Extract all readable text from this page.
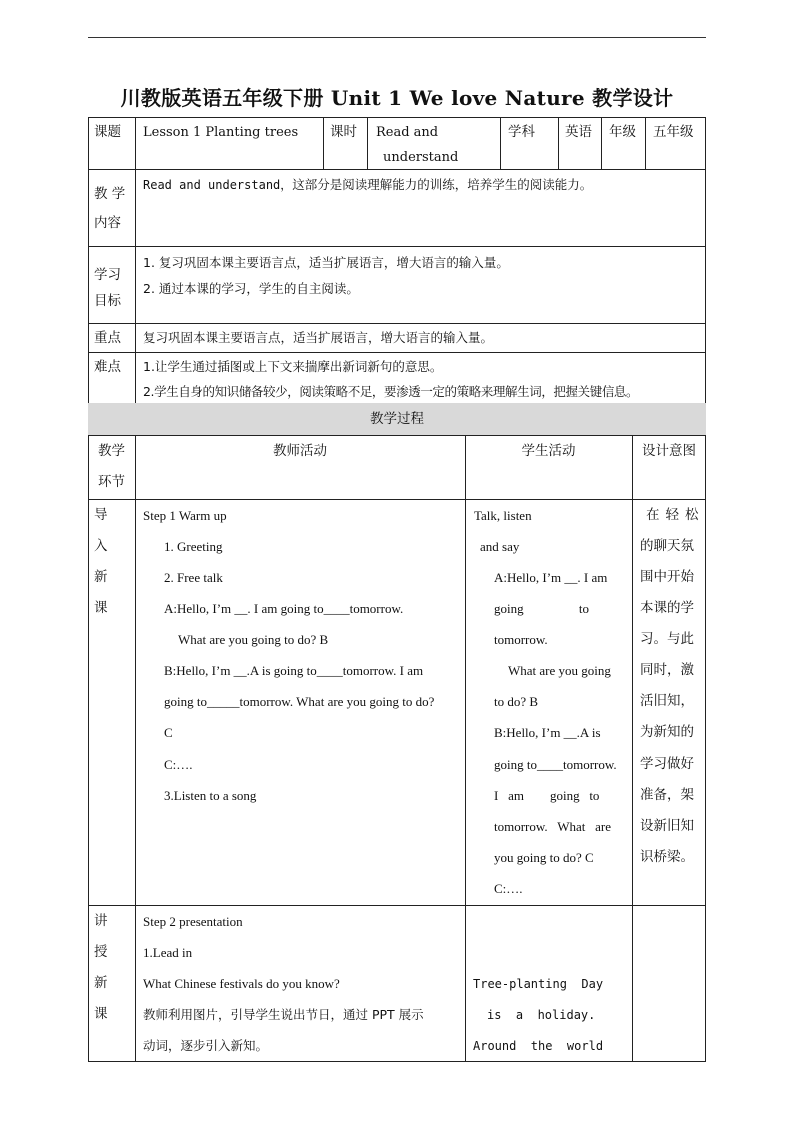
川教版英语五年级下册 Unit 1 We love Nature 教学设计
课题 Lesson 1 Planting trees 课时 Read and
understand
学科 英语 年级 五年级
教 学
内容
Read and understand，这部分是阅读理解能力的训练，培养学生的阅读能力。
学习
目标
1. 复习巩固本课主要语言点，适当扩展语言，增大语言的输入量。
2. 通过本课的学习，学生的自主阅读。
重点 复习巩固本课主要语言点，适当扩展语言，增大语言的输入量。
难点 1.让学生通过插图或上下文来揣摩出新词新句的意思。
2.学生自身的知识储备较少，阅读策略不足，要渗透一定的策略来理解生词，把握关键信息。
教学过程
教学
环节
教师活动	学生活动	设计意图
导
入
新
课
Step 1 Warm up
1. Greeting
2. Free talk
A:Hello, I’m __. I am going to____tomorrow.
What are you going to do? B
B:Hello, I’m __.A is going to____tomorrow. I am
going to_____tomorrow. What are you going to do?
C
C:….
3.Listen to a song
Talk, listen
and say
A:Hello, I’m __. I am
going                 to
tomorrow.
What are you going
to do? B
B:Hello, I’m __.A is
going to____tomorrow.
I   am        going   to
tomorrow.   What   are
you going to do? C
C:….
在轻松
的聊天氛
围中开始
本课的学
习。与此
同时，激
活旧知，
为新知的
学习做好
准备，架
设新旧知
识桥梁。
讲
授
新
课
Step 2 presentation
1.Lead in
What Chinese festivals do you know?
教师利用图片，引导学生说出节日，通过 PPT 展示
动词，逐步引入新知。
Tree-planting  Day
is  a  holiday.
Around  the  world
